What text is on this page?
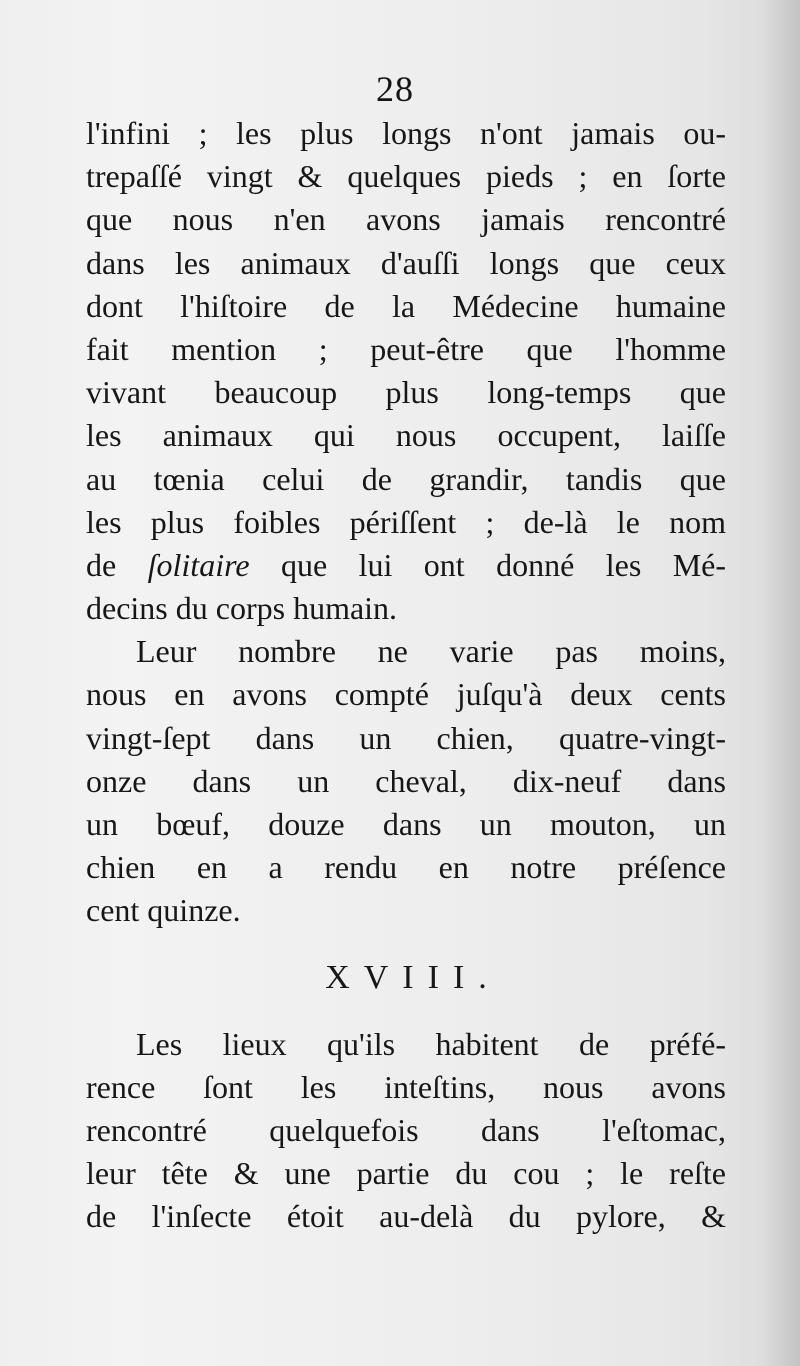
28
l'infini ; les plus longs n'ont jamais ou-
trepaſſé vingt & quelques pieds ; en ſorte
que nous n'en avons jamais rencontré
dans les animaux d'auſſi longs que ceux
dont l'hiſtoire de la Médecine humaine
fait mention ; peut-être que l'homme
vivant beaucoup plus long-temps que
les animaux qui nous occupent, laiſſe
au tœnia celui de grandir, tandis que
les plus foibles périſſent ; de-là le nom
de ſolitaire que lui ont donné les Mé-
decins du corps humain.
Leur nombre ne varie pas moins,
nous en avons compté juſqu'à deux cents
vingt-ſept dans un chien, quatre-vingt-
onze dans un cheval, dix-neuf dans
un bœuf, douze dans un mouton, un
chien en a rendu en notre préſence
cent quinze.
XVIII.
Les lieux qu'ils habitent de préfé-
rence ſont les inteſtins, nous avons
rencontré quelquefois dans l'eſtomac,
leur tête & une partie du cou ; le reſte
de l'inſecte étoit au-delà du pylore, &
